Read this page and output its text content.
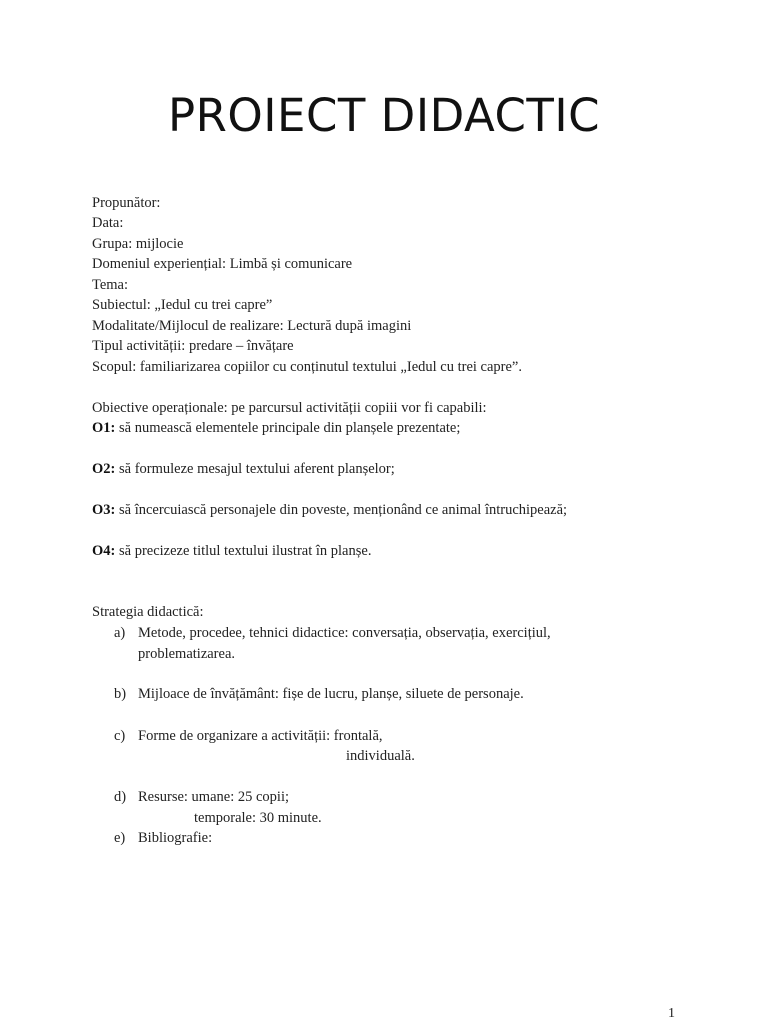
PROIECT DIDACTIC
Propunător:
Data:
Grupa: mijlocie
Domeniul experiențial: Limbă și comunicare
Tema:
Subiectul: „Iedul cu trei capre”
Modalitate/Mijlocul de realizare: Lectură după imagini
Tipul activității: predare – învățare
Scopul: familiarizarea copiilor cu conținutul textului „Iedul cu trei capre”.
Obiective operaționale: pe parcursul activității copiii vor fi capabili:
O1: să numească elementele principale din planșele prezentate;
O2: să formuleze mesajul textului aferent planșelor;
O3: să încercuiască personajele din poveste, menționând ce animal întruchipează;
O4: să precizeze titlul textului ilustrat în planșe.
Strategia didactică:
a) Metode, procedee, tehnici didactice: conversația, observația, exercițiul,
problematizarea.
b) Mijloace de învățământ: fișe de lucru, planșe, siluete de personaje.
c) Forme de organizare a activității: frontală,
individuală.
d) Resurse: umane: 25 copii;
temporale: 30 minute.
e) Bibliografie:
1
